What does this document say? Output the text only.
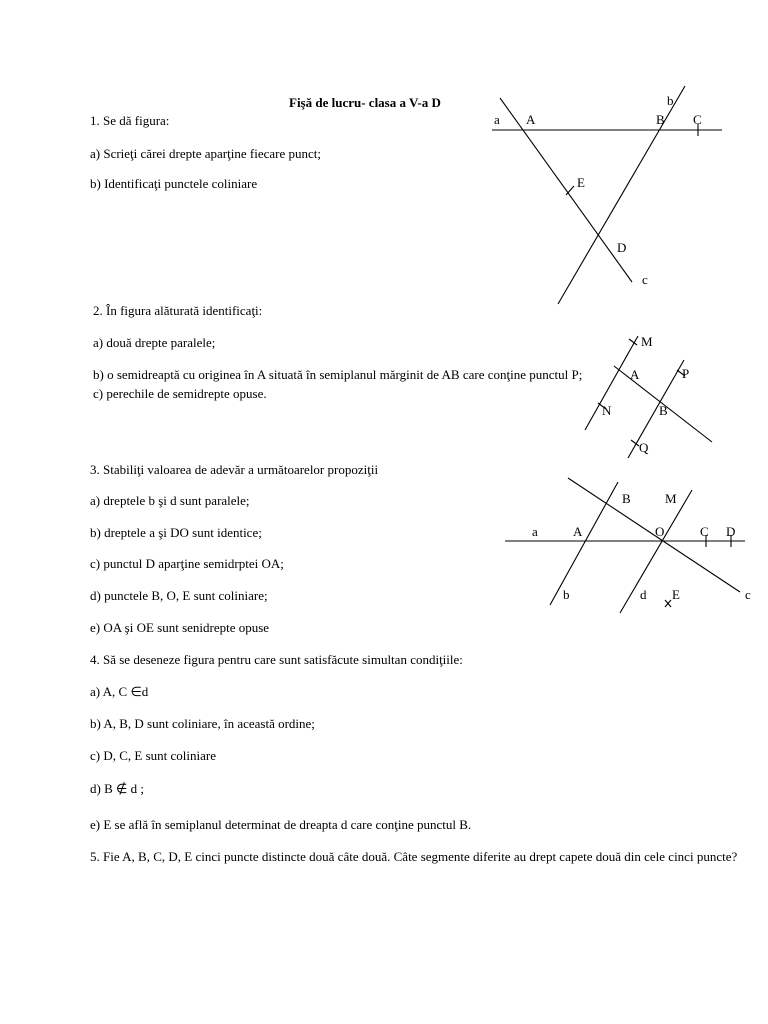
Fişă de lucru- clasa a V-a D
1. Se dă figura:
a) Scrieţi cărei drepte aparţine fiecare punct;
b) Identificaţi punctele coliniare
2. În figura alăturată identificaţi:
a) două drepte paralele;
b) o semidreaptă cu originea în A situată în semiplanul mărginit de AB care conţine punctul P;
c) perechile de semidrepte opuse.
3. Stabiliţi valoarea de adevăr a următoarelor propoziţii
a) dreptele b şi d sunt paralele;
b) dreptele a şi DO sunt identice;
c) punctul D aparţine semidrptei OA;
d) punctele B, O, E sunt coliniare;
e) OA şi OE sunt senidrepte opuse
4. Să se deseneze figura pentru care sunt satisfăcute simultan condiţiile:
a) A, C ∈d
b) A, B, D sunt coliniare, în această ordine;
c) D, C, E sunt coliniare
d) B ∉ d ;
e) E se află în semiplanul determinat de dreapta d care conţine punctul B.
5. Fie A, B, C, D, E cinci puncte distincte două câte două. Câte segmente diferite au drept capete două din cele cinci puncte?
a A
b
B C
E
D
c
M
A	P
N	B
Q
B	M
a	A	O	C D
b	d E	c
